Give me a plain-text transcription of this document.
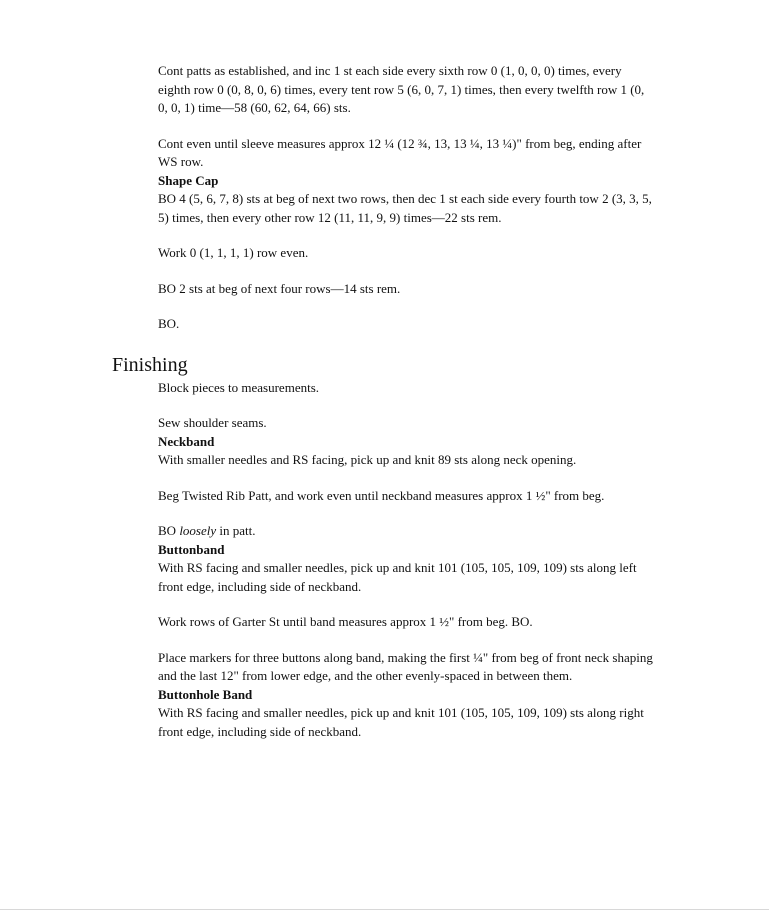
Cont patts as established, and inc 1 st each side every sixth row 0 (1, 0, 0, 0) times, every eighth row 0 (0, 8, 0, 6) times, every tent row 5 (6, 0, 7, 1) times, then every twelfth row 1 (0, 0, 0, 1) time—58 (60, 62, 64, 66) sts.

Cont even until sleeve measures approx 12 ¼ (12 ¾, 13, 13 ¼, 13 ¼)" from beg, ending after WS row.

Shape Cap

BO 4 (5, 6, 7, 8) sts at beg of next two rows, then dec 1 st each side every fourth tow 2 (3, 3, 5, 5) times, then every other row 12 (11, 11, 9, 9) times—22 sts rem.

Work 0 (1, 1, 1, 1) row even.

BO 2 sts at beg of next four rows—14 sts rem.

BO.

Finishing

Block pieces to measurements.

Sew shoulder seams.

Neckband

With smaller needles and RS facing, pick up and knit 89 sts along neck opening.

Beg Twisted Rib Patt, and work even until neckband measures approx 1 ½" from beg.

BO loosely in patt.

Buttonband

With RS facing and smaller needles, pick up and knit 101 (105, 105, 109, 109) sts along left front edge, including side of neckband.

Work rows of Garter St until band measures approx 1 ½" from beg. BO.

Place markers for three buttons along band, making the first ¼" from beg of front neck shaping and the last 12" from lower edge, and the other evenly-spaced in between them.

Buttonhole Band

With RS facing and smaller needles, pick up and knit 101 (105, 105, 109, 109) sts along right front edge, including side of neckband.
